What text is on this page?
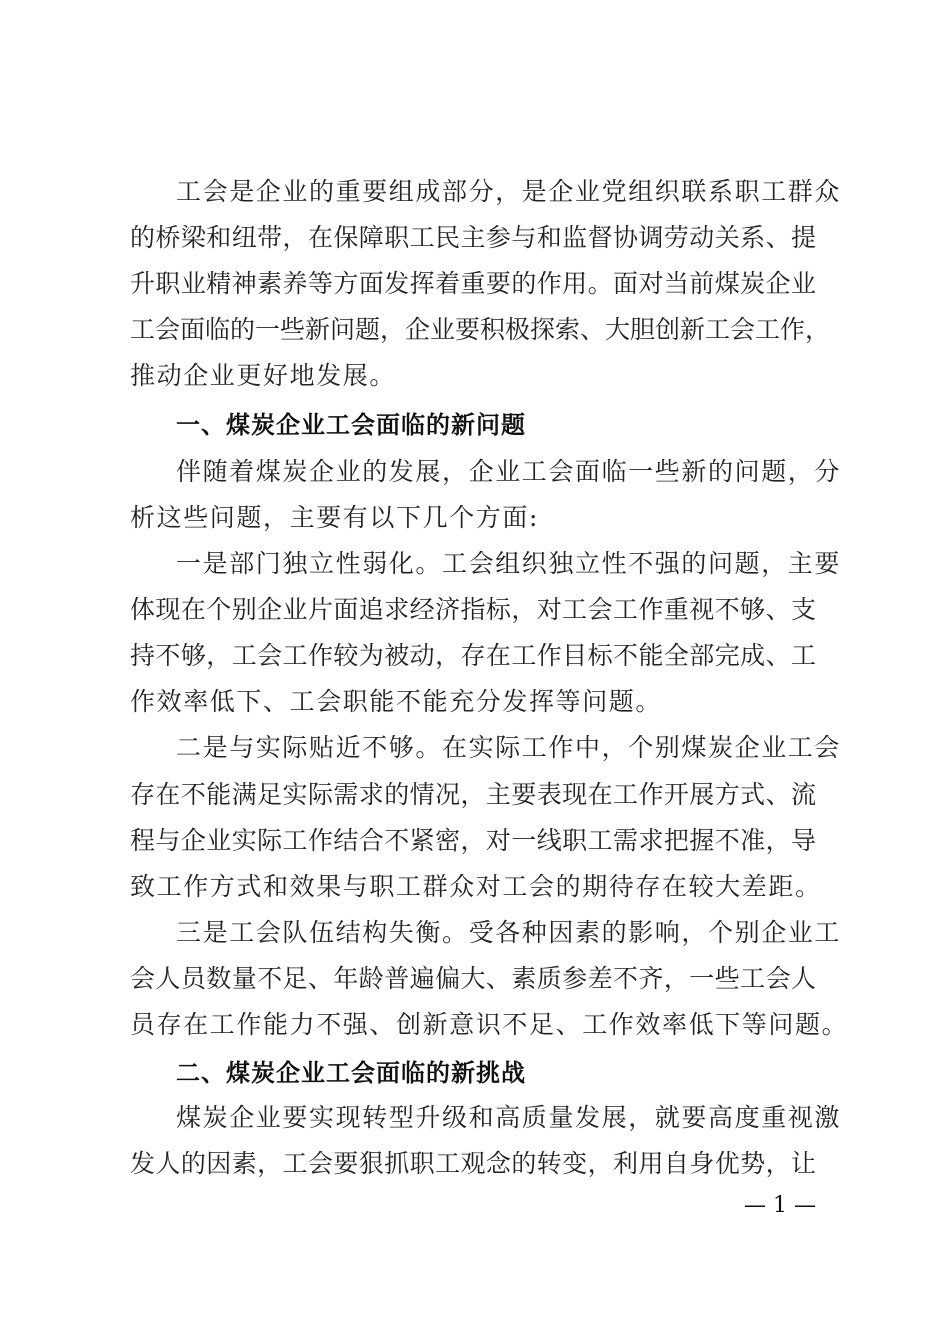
工会是企业的重要组成部分，是企业党组织联系职工群众
的桥梁和纽带，在保障职工民主参与和监督协调劳动关系、提
升职业精神素养等方面发挥着重要的作用。面对当前煤炭企业
工会面临的一些新问题，企业要积极探索、大胆创新工会工作，
推动企业更好地发展。
一、煤炭企业工会面临的新问题
伴随着煤炭企业的发展，企业工会面临一些新的问题，分
析这些问题，主要有以下几个方面:
一是部门独立性弱化。工会组织独立性不强的问题，主要
体现在个别企业片面追求经济指标，对工会工作重视不够、支
持不够，工会工作较为被动，存在工作目标不能全部完成、工
作效率低下、工会职能不能充分发挥等问题。
二是与实际贴近不够。在实际工作中，个别煤炭企业工会
存在不能满足实际需求的情况，主要表现在工作开展方式、流
程与企业实际工作结合不紧密，对一线职工需求把握不准，导
致工作方式和效果与职工群众对工会的期待存在较大差距。
三是工会队伍结构失衡。受各种因素的影响，个别企业工
会人员数量不足、年龄普遍偏大、素质参差不齐，一些工会人
员存在工作能力不强、创新意识不足、工作效率低下等问题。
二、煤炭企业工会面临的新挑战
煤炭企业要实现转型升级和高质量发展，就要高度重视激
发人的因素，工会要狠抓职工观念的转变，利用自身优势，让
— 1 —
